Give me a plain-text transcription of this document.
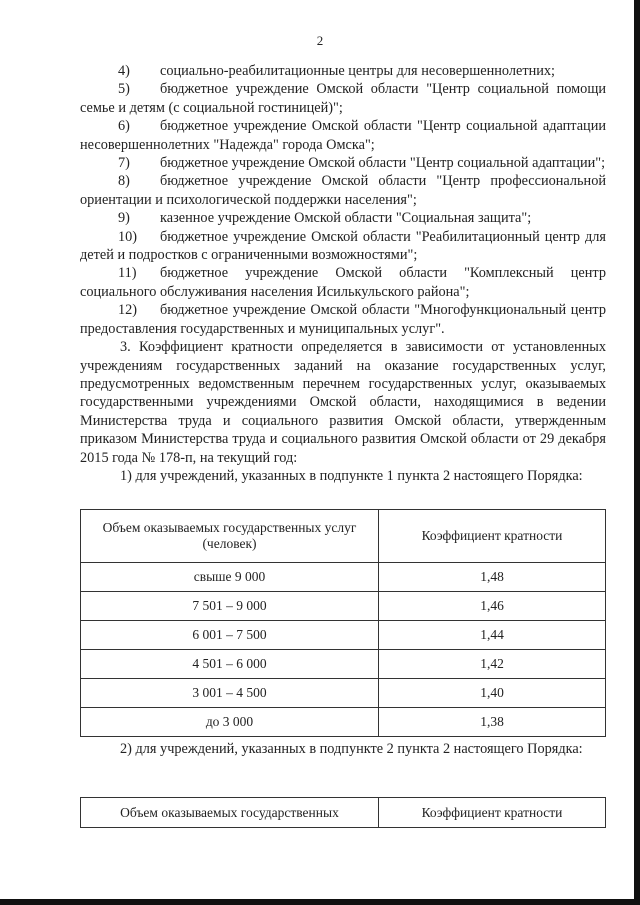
2

4) социально-реабилитационные центры для несовершеннолетних;

5) бюджетное учреждение Омской области "Центр социальной помощи семье и детям (с социальной гостиницей)";

6) бюджетное учреждение Омской области "Центр социальной адаптации несовершеннолетних "Надежда" города Омска";

7) бюджетное учреждение Омской области "Центр социальной адаптации";

8) бюджетное учреждение Омской области "Центр профессиональной ориентации и психологической поддержки населения";

9) казенное учреждение Омской области "Социальная защита";

10) бюджетное учреждение Омской области "Реабилитационный центр для детей и подростков с ограниченными возможностями";

11) бюджетное учреждение Омской области "Комплексный центр социального обслуживания населения Исилькульского района";

12) бюджетное учреждение Омской области "Многофункциональный центр предоставления государственных и муниципальных услуг".

3. Коэффициент кратности определяется в зависимости от установленных учреждениям государственных заданий на оказание государственных услуг, предусмотренных ведомственным перечнем государственных услуг, оказываемых государственными учреждениями Омской области, находящимися в ведении Министерства труда и социального развития Омской области, утвержденным приказом Министерства труда и социального развития Омской области от 29 декабря 2015 года № 178-п, на текущий год:

1) для учреждений, указанных в подпункте 1 пункта 2 настоящего Порядка:

Объем оказываемых государственных услуг (человек)	Коэффициент кратности
свыше 9 000	1,48
7 501 – 9 000	1,46
6 001 – 7 500	1,44
4 501 – 6 000	1,42
3 001 – 4 500	1,40
до 3 000	1,38

2) для учреждений, указанных в подпункте 2 пункта 2 настоящего Порядка:

Объем оказываемых государственных	Коэффициент кратности
